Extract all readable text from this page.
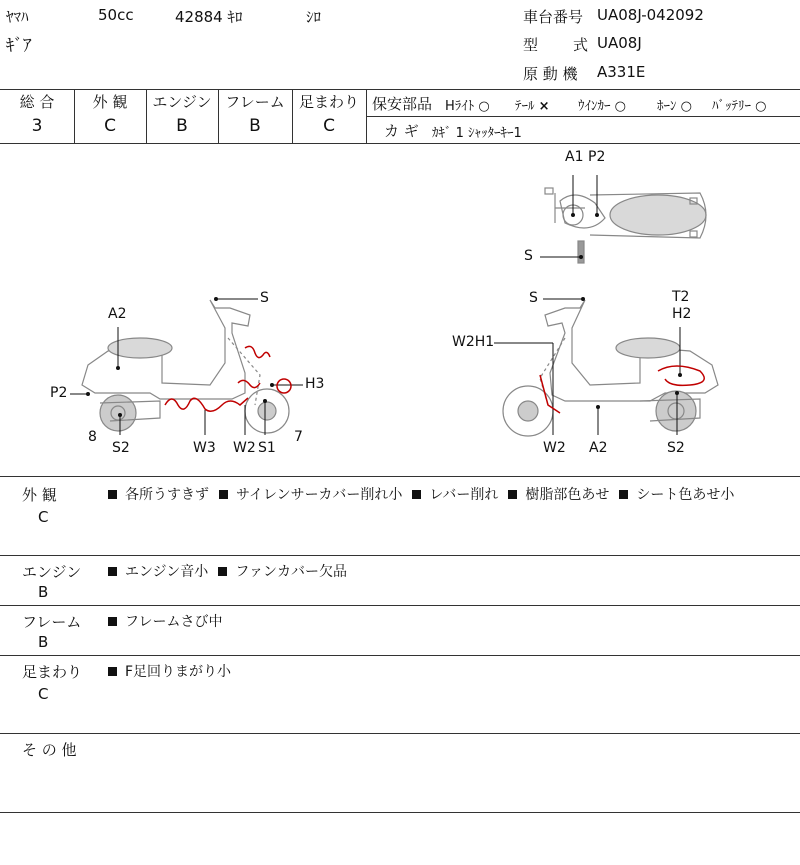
ﾔﾏﾊ	50cc	42884 ｷﾛ	ｼﾛ
ｷﾞｱ
車台番号 UA08J-042092
型 式 UA08J
原 動 機 A331E
総 合
3
外 観
C
エンジン
B
フレーム
B
足まわり
C
保安部品 Hﾗｲﾄ ○ ﾃｰﾙ × ｳｲﾝｶｰ ○ ﾎｰﾝ ○ ﾊﾞｯﾃﾘｰ ○
カ ギ ｶｷﾞ 1 ｼｬｯﾀｰｷｰ1
A1 P2
S
A2
P2
8
S2	W3 W2 S1
7
S
H3
S	T2
H2
W2H1
W2 A2	S2
外 観
C
各所うすきず サイレンサーカバー削れ小 レバー削れ 樹脂部色あせ シート色あせ小
エンジン
B
エンジン音小 ファンカバー欠品
フレーム
B
フレームさび中
足まわり
C
F足回りまがり小
そ の 他
